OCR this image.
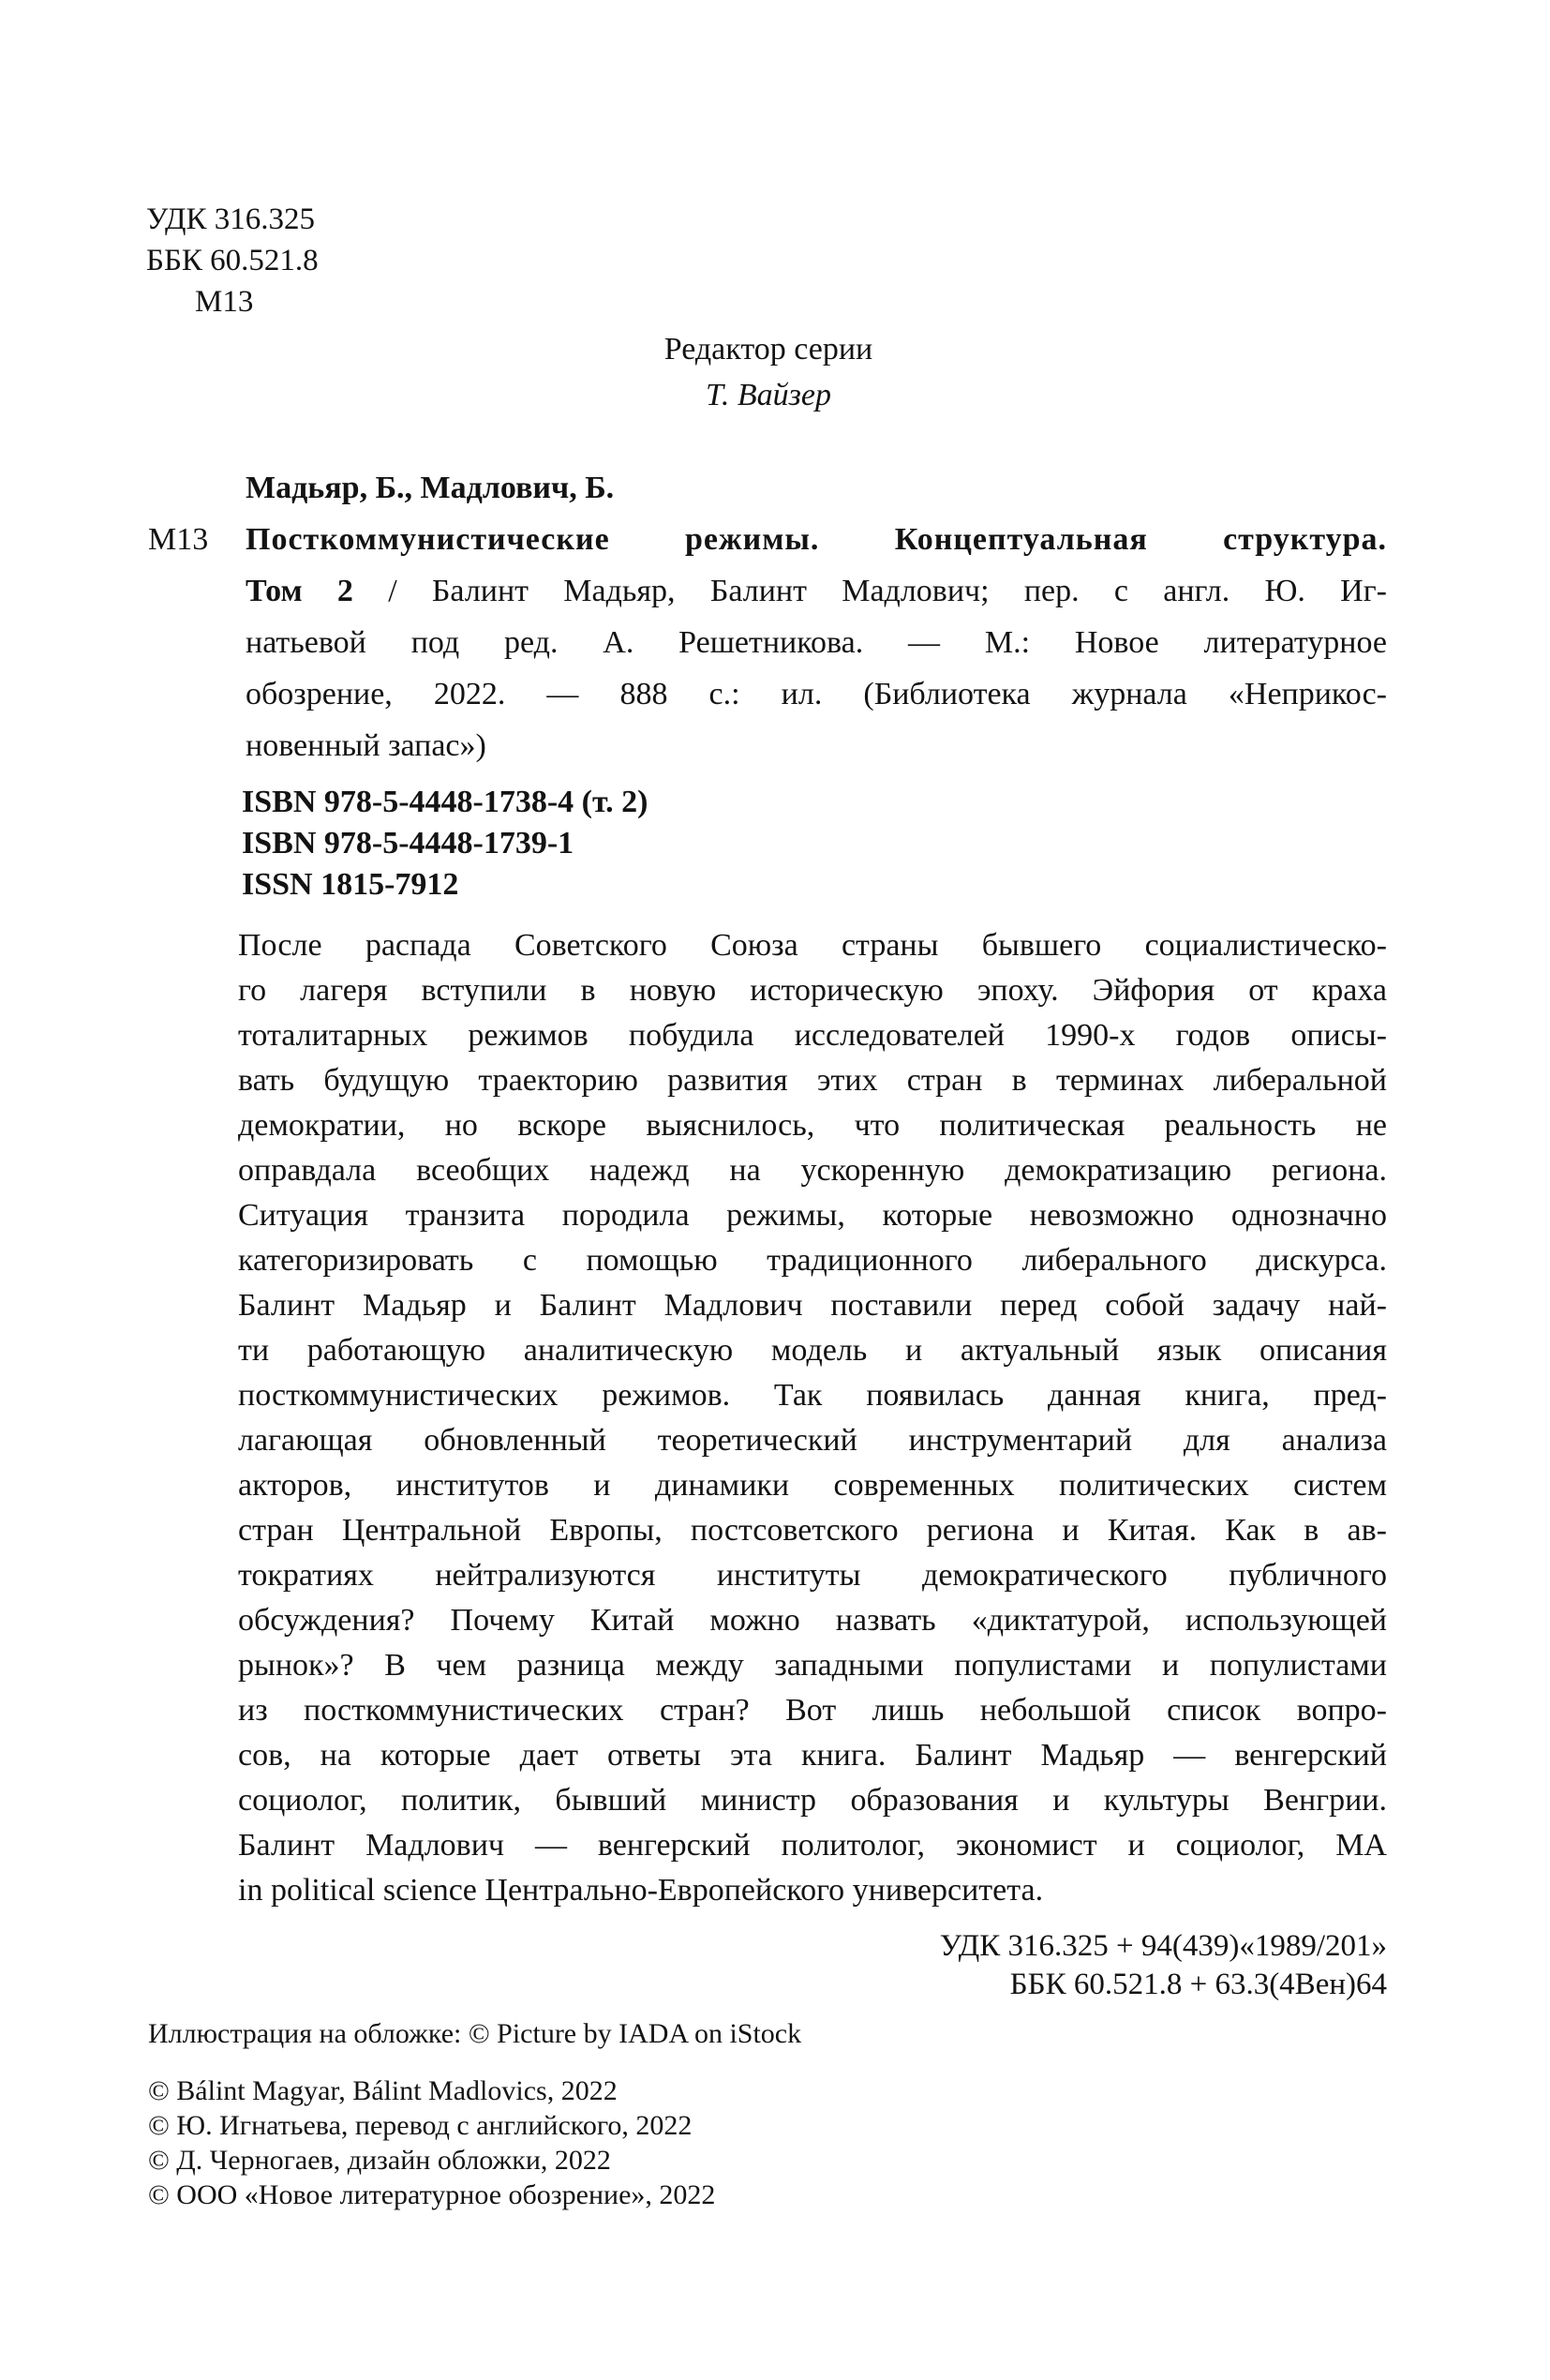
УДК 316.325
ББК 60.521.8
М13
Редактор серии
Т. Вайзер
Мадьяр, Б., Мадлович, Б.
М13 Посткоммунистические режимы. Концептуальная структура.
Том 2 / Балинт Мадьяр, Балинт Мадлович; пер. с англ. Ю. Иг-
натьевой под ред. А. Решетникова. — М.: Новое литературное
обозрение, 2022. — 888 с.: ил. (Библиотека журнала «Неприкос-
новенный запас»)
ISBN 978-5-4448-1738-4 (т. 2)
ISBN 978-5-4448-1739-1
ISSN 1815-7912
После распада Советского Союза страны бывшего социалистическо-
го лагеря вступили в новую историческую эпоху. Эйфория от краха
тоталитарных режимов побудила исследователей 1990-х годов описы-
вать будущую траекторию развития этих стран в терминах либеральной
демократии, но вскоре выяснилось, что политическая реальность не
оправдала всеобщих надежд на ускоренную демократизацию региона.
Ситуация транзита породила режимы, которые невозможно однозначно
категоризировать с помощью традиционного либерального дискурса.
Балинт Мадьяр и Балинт Мадлович поставили перед собой задачу най-
ти работающую аналитическую модель и актуальный язык описания
посткоммунистических режимов. Так появилась данная книга, пред-
лагающая обновленный теоретический инструментарий для анализа
акторов, институтов и динамики современных политических систем
стран Центральной Европы, постсоветского региона и Китая. Как в ав-
тократиях нейтрализуются институты демократического публичного
обсуждения? Почему Китай можно назвать «диктатурой, использующей
рынок»? В чем разница между западными популистами и популистами
из посткоммунистических стран? Вот лишь небольшой список вопро-
сов, на которые дает ответы эта книга. Балинт Мадьяр — венгерский
социолог, политик, бывший министр образования и культуры Венгрии.
Балинт Мадлович — венгерский политолог, экономист и социолог, MA
in political science Центрально-Европейского университета.
УДК 316.325 + 94(439)«1989/201»
ББК 60.521.8 + 63.3(4Вен)64
Иллюстрация на обложке: © Picture by IADA on iStock
© Bálint Magyar, Bálint Madlovics, 2022
© Ю. Игнатьева, перевод с английского, 2022
© Д. Черногаев, дизайн обложки, 2022
© ООО «Новое литературное обозрение», 2022
